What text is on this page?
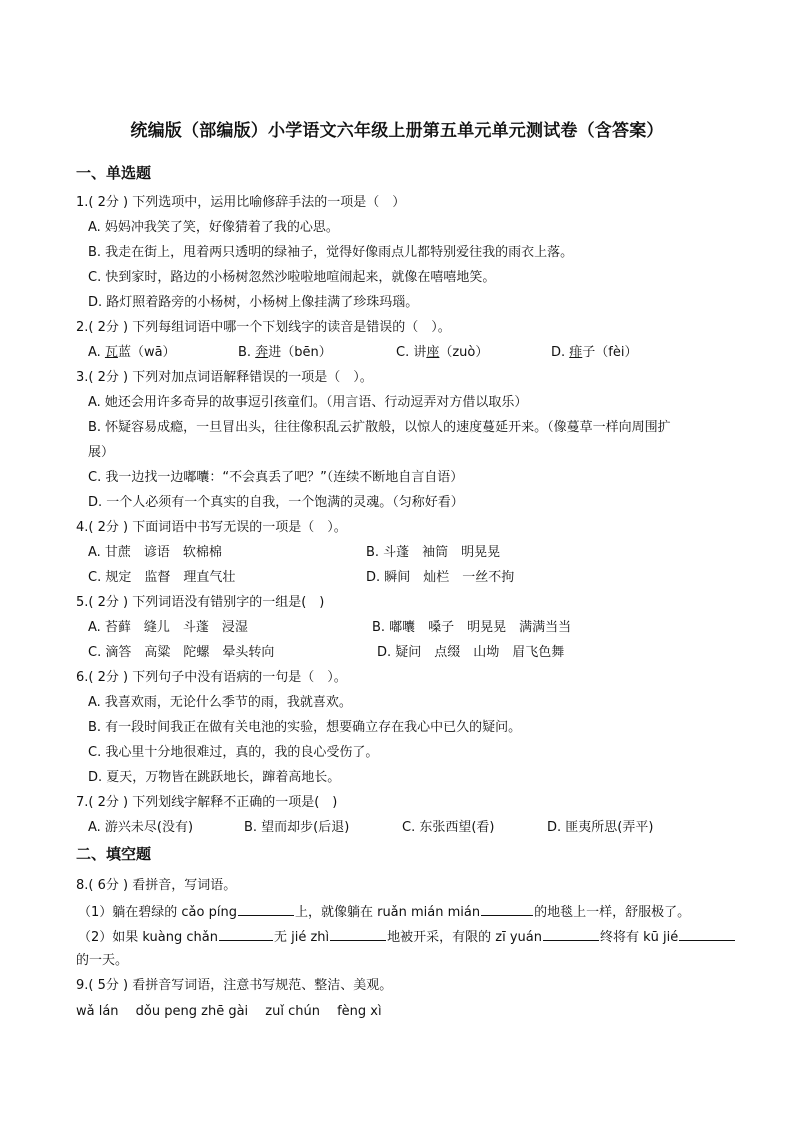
统编版（部编版）小学语文六年级上册第五单元单元测试卷（含答案）
一、单选题
1.( 2分 ) 下列选项中，运用比喻修辞手法的一项是（　）
A. 妈妈冲我笑了笑，好像猜着了我的心思。
B. 我走在街上，甩着两只透明的绿袖子，觉得好像雨点儿都特别爱往我的雨衣上落。
C. 快到家时，路边的小杨树忽然沙啦啦地喧闹起来，就像在嘻嘻地笑。
D. 路灯照着路旁的小杨树，小杨树上像挂满了珍珠玛瑙。
2.( 2分 ) 下列每组词语中哪一个下划线字的读音是错误的（　）。
A. 瓦蓝（wā）	B. 奔进（bēn）	C. 讲座（zuò）	D. 痱子（fèi）
3.( 2分 ) 下列对加点词语解释错误的一项是（　）。
A. 她还会用许多奇异的故事逗引孩童们。（用言语、行动逗弄对方借以取乐）
B. 怀疑容易成瘾，一旦冒出头，往往像积乱云扩散般，以惊人的速度蔓延开来。（像蔓草一样向周围扩
展）
C. 我一边找一边嘟囔：“不会真丢了吧？”（连续不断地自言自语）
D. 一个人必须有一个真实的自我，一个饱满的灵魂。（匀称好看）
4.( 2分 ) 下面词语中书写无误的一项是（　）。
A. 甘蔗　谚语　软棉棉	B. 斗蓬　袖筒　明晃晃
C. 规定　监督　理直气壮	D. 瞬间　灿栏　一丝不拘
5.( 2分 ) 下列词语没有错别字的一组是(　)
A. 苔藓　缝儿　斗蓬　浸湿	B. 嘟囔　嗓子　明晃晃　满满当当
C. 滴答　高粱　陀螺　晕头转向	D. 疑问　点缀　山坳　眉飞色舞
6.( 2分 ) 下列句子中没有语病的一句是（　）。
A. 我喜欢雨，无论什么季节的雨，我就喜欢。
B. 有一段时间我正在做有关电池的实验，想要确立存在我心中已久的疑问。
C. 我心里十分地很难过，真的，我的良心受伤了。
D. 夏天，万物皆在跳跃地长，蹿着高地长。
7.( 2分 ) 下列划线字解释不正确的一项是(　)
A. 游兴未尽(没有)	B. 望而却步(后退)	C. 东张西望(看)	D. 匪夷所思(弄平)
二、填空题
8.( 6分 ) 看拼音，写词语。
（1）躺在碧绿的 cǎo píng	上，就像躺在 ruǎn mián mián	的地毯上一样，舒服极了。
（2）如果 kuàng chǎn	无 jié zhì	地被开采，有限的 zī yuán	终将有 kū jié
的一天。
9.( 5分 ) 看拼音写词语，注意书写规范、整洁、美观。
wǎ lán　 dǒu peng zhē gài　 zuǐ chún　 fèng xì
